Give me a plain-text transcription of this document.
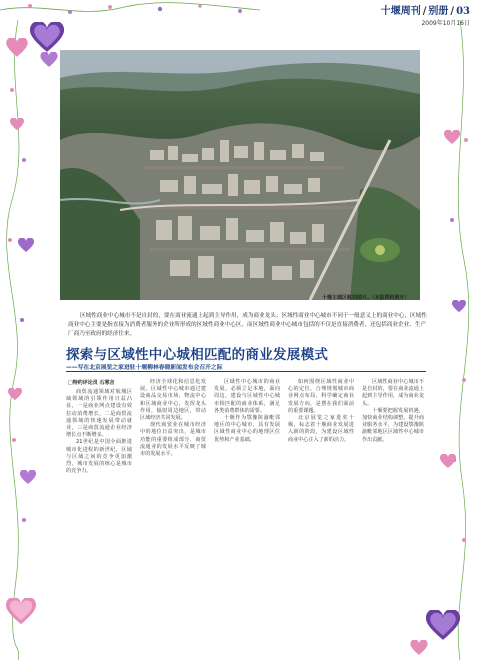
十堰周刊 / 别册 / 03
2009年10月16日
十堰主城区航拍图片。（本报资料照片）
区域性商业中心城市不是自封的，要在商业流通上起到主导作用，成为商业龙头；区域性商业中心城市不同于一般意义上的商业中心，区域性商业中心主要是指直接为消费者服务的企业所形成的区域性商业中心区，而区域性商业中心城市包括的不仅是直接消费者，还包括商业企业、生产厂商乃至政府的经济往来。
探索与区域性中心城相匹配的商业发展模式
——写在北京展览之家进驻十堰柳林春晓新闻发布会召开之际
□特约评论员 石寒言

商贸流通领域对航城区域领域的引领作用日益凸显，一是商业网点建设有效拉动消费增长，二是商贸流通领域的快速发展带动就业，三是商贸流通企业经济增长点不断增多。

21世纪是中国全面推进城市化进程的新世纪，区域与区域之间的竞争更加激烈，城市发展的核心是城市的竞争力。

经济全球化和信息化发展，区域性中心城市通过建设商品交易市场、物流中心和区域商业中心，发挥龙头作用，辐射周边地区，带动区域经济共同发展。

现代商贸业在城市经济中的地位日益突出，是城市功能的重要组成部分，商贸流通业的发展水平反映了城市的发展水平。

区域性中心城市的商业发展，必须立足本地，面向周边，建设与区域性中心城市相匹配的商业体系，满足各类消费群体的需要。

十堰作为鄂豫陕渝毗邻地区的中心城市，具有发展区域性商业中心的地理区位优势和产业基础。

如何围绕区域性商业中心的定位，合理规划城市商业网点布局，科学确定商业发展方向，是摆在我们面前的重要课题。

北京展览之家进驻十堰，标志着十堰商业发展进入新的阶段，为建设区域性商业中心注入了新的活力。

区域性商业中心城市不是自封的，要在商业流通上起到主导作用，成为商业龙头。

十堰要把握发展机遇，加快商业结构调整，提升商业服务水平，为建设鄂豫陕渝毗邻地区区域性中心城市作出贡献。
